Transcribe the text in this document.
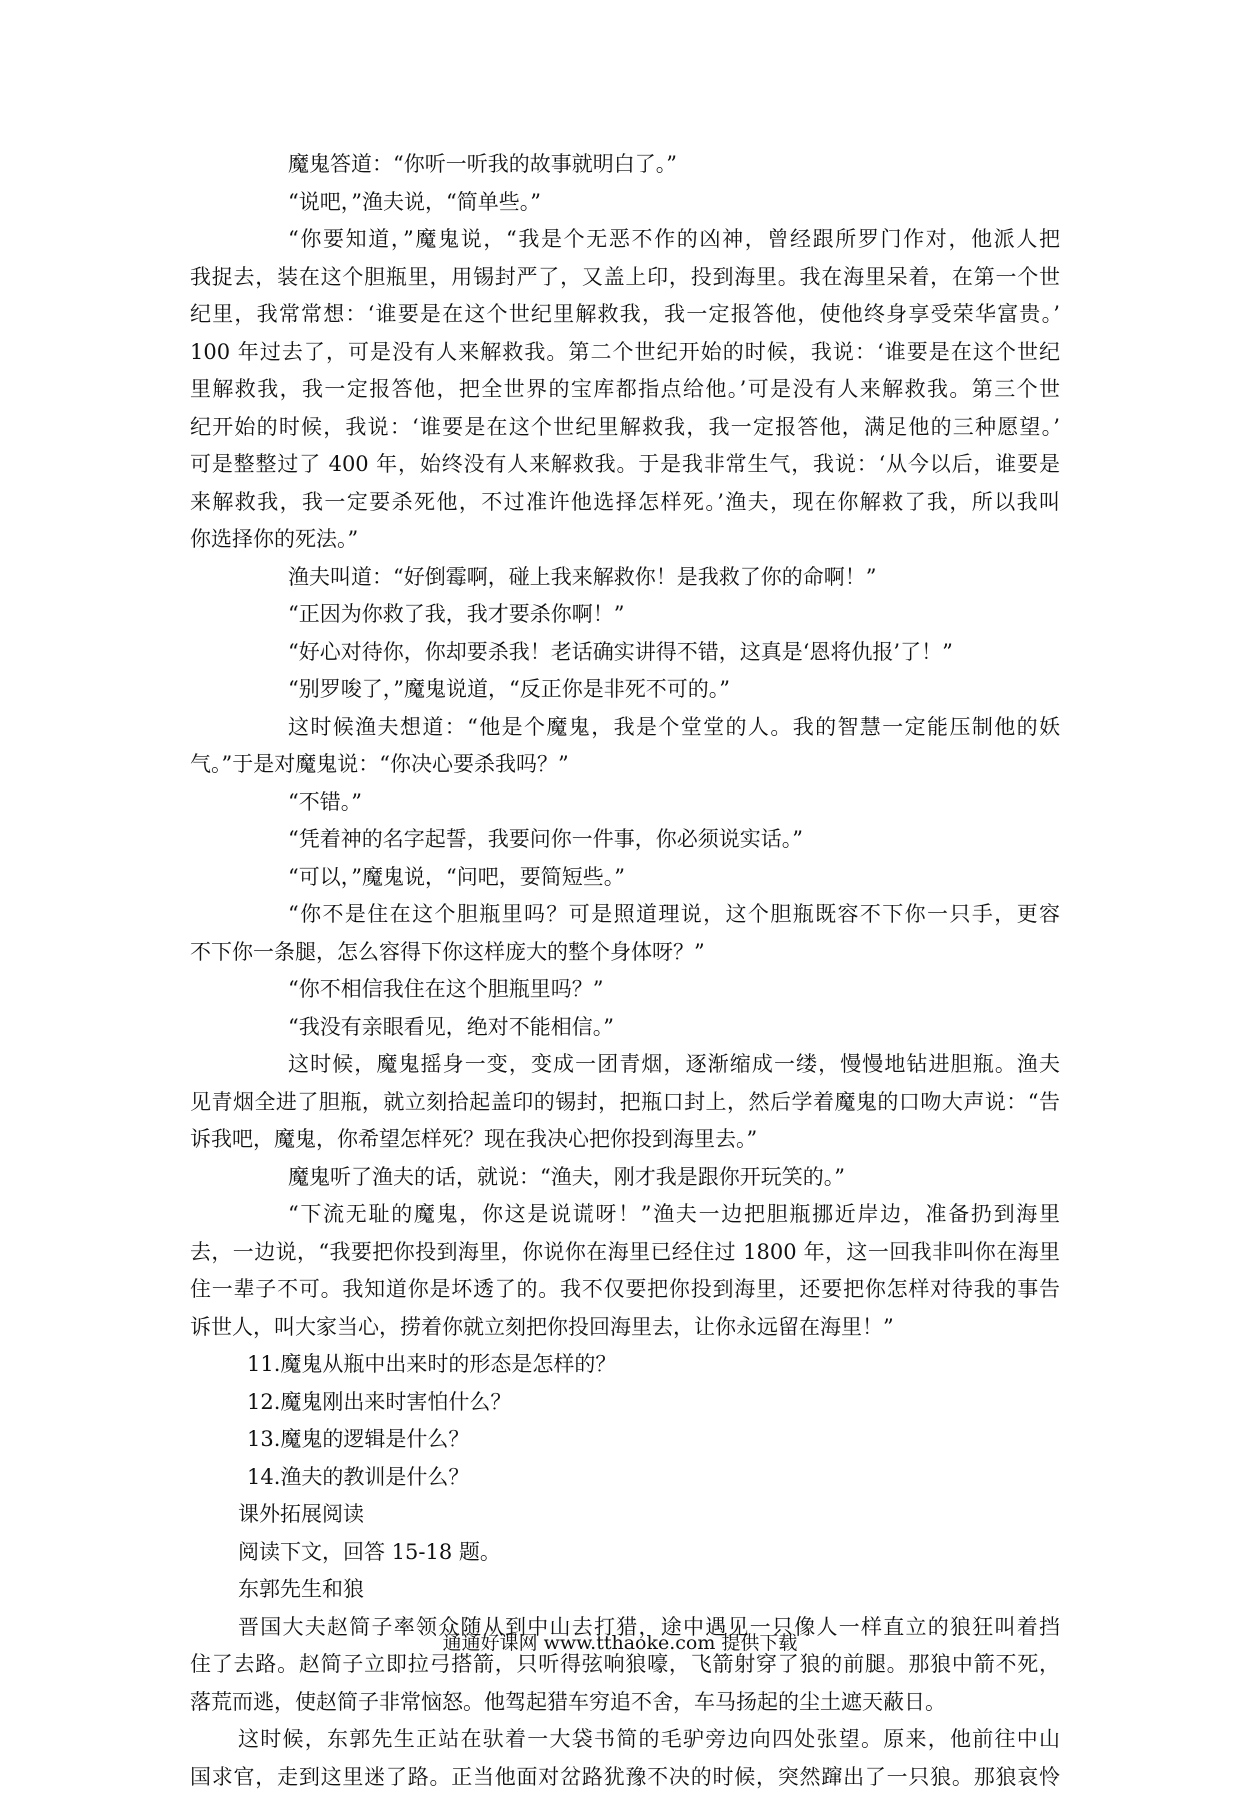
魔鬼答道：“你听一听我的故事就明白了。”
“说吧，”渔夫说，“简单些。”
“你要知道，”魔鬼说，“我是个无恶不作的凶神，曾经跟所罗门作对，他派人把
我捉去，装在这个胆瓶里，用锡封严了，又盖上印，投到海里。我在海里呆着，在第一个世
纪里，我常常想：‘谁要是在这个世纪里解救我，我一定报答他，使他终身享受荣华富贵。’
100 年过去了，可是没有人来解救我。第二个世纪开始的时候，我说：‘谁要是在这个世纪
里解救我，我一定报答他，把全世界的宝库都指点给他。’可是没有人来解救我。第三个世
纪开始的时候，我说：‘谁要是在这个世纪里解救我，我一定报答他，满足他的三种愿望。’
可是整整过了 400 年，始终没有人来解救我。于是我非常生气，我说：‘从今以后，谁要是
来解救我，我一定要杀死他，不过准许他选择怎样死。’渔夫，现在你解救了我，所以我叫
你选择你的死法。”
渔夫叫道：“好倒霉啊，碰上我来解救你！是我救了你的命啊！”
“正因为你救了我，我才要杀你啊！”
“好心对待你，你却要杀我！老话确实讲得不错，这真是‘恩将仇报’了！”
“别罗唆了，”魔鬼说道，“反正你是非死不可的。”
这时候渔夫想道：“他是个魔鬼，我是个堂堂的人。我的智慧一定能压制他的妖
气。”于是对魔鬼说：“你决心要杀我吗？”
“不错。”
“凭着神的名字起誓，我要问你一件事，你必须说实话。”
“可以，”魔鬼说，“问吧，要简短些。”
“你不是住在这个胆瓶里吗？可是照道理说，这个胆瓶既容不下你一只手，更容
不下你一条腿，怎么容得下你这样庞大的整个身体呀？”
“你不相信我住在这个胆瓶里吗？”
“我没有亲眼看见，绝对不能相信。”
这时候，魔鬼摇身一变，变成一团青烟，逐渐缩成一缕，慢慢地钻进胆瓶。渔夫
见青烟全进了胆瓶，就立刻拾起盖印的锡封，把瓶口封上，然后学着魔鬼的口吻大声说：“告
诉我吧，魔鬼，你希望怎样死？现在我决心把你投到海里去。”
魔鬼听了渔夫的话，就说：“渔夫，刚才我是跟你开玩笑的。”
“下流无耻的魔鬼，你这是说谎呀！”渔夫一边把胆瓶挪近岸边，准备扔到海里
去，一边说，“我要把你投到海里，你说你在海里已经住过 1800 年，这一回我非叫你在海里
住一辈子不可。我知道你是坏透了的。我不仅要把你投到海里，还要把你怎样对待我的事告
诉世人，叫大家当心，捞着你就立刻把你投回海里去，让你永远留在海里！”
11.魔鬼从瓶中出来时的形态是怎样的？
12.魔鬼刚出来时害怕什么？
13.魔鬼的逻辑是什么？
14.渔夫的教训是什么？
课外拓展阅读
阅读下文，回答 15-18 题。
东郭先生和狼
晋国大夫赵简子率领众随从到中山去打猎，途中遇见一只像人一样直立的狼狂叫着挡
住了去路。赵简子立即拉弓搭箭，只听得弦响狼嚎，飞箭射穿了狼的前腿。那狼中箭不死，
落荒而逃，使赵简子非常恼怒。他驾起猎车穷追不舍，车马扬起的尘土遮天蔽日。
这时候，东郭先生正站在驮着一大袋书简的毛驴旁边向四处张望。原来，他前往中山
国求官，走到这里迷了路。正当他面对岔路犹豫不决的时候，突然蹿出了一只狼。那狼哀怜
通通好课网 www.tthaoke.com 提供下载
